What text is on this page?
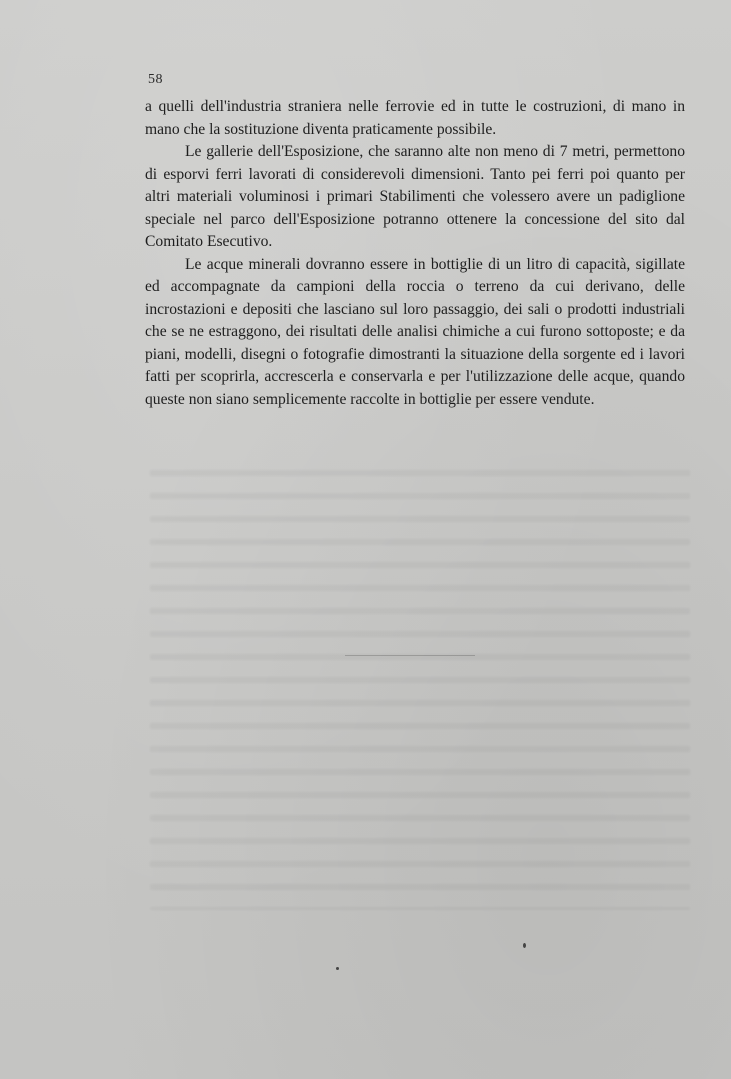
58

a quelli dell'industria straniera nelle ferrovie ed in tutte le costruzioni, di mano in mano che la sostituzione diventa praticamente possibile.

Le gallerie dell'Esposizione, che saranno alte non meno di 7 metri, permettono di esporvi ferri lavorati di considerevoli dimensioni. Tanto pei ferri poi quanto per altri materiali voluminosi i primari Stabilimenti che volessero avere un padiglione speciale nel parco dell'Esposizione potranno ottenere la concessione del sito dal Comitato Esecutivo.

Le acque minerali dovranno essere in bottiglie di un litro di capacità, sigillate ed accompagnate da campioni della roccia o terreno da cui derivano, delle incrostazioni e depositi che lasciano sul loro passaggio, dei sali o prodotti industriali che se ne estraggono, dei risultati delle analisi chimiche a cui furono sottoposte; e da piani, modelli, disegni o fotografie dimostranti la situazione della sorgente ed i lavori fatti per scoprirla, accrescerla e conservarla e per l'utilizzazione delle acque, quando queste non siano semplicemente raccolte in bottiglie per essere vendute.
